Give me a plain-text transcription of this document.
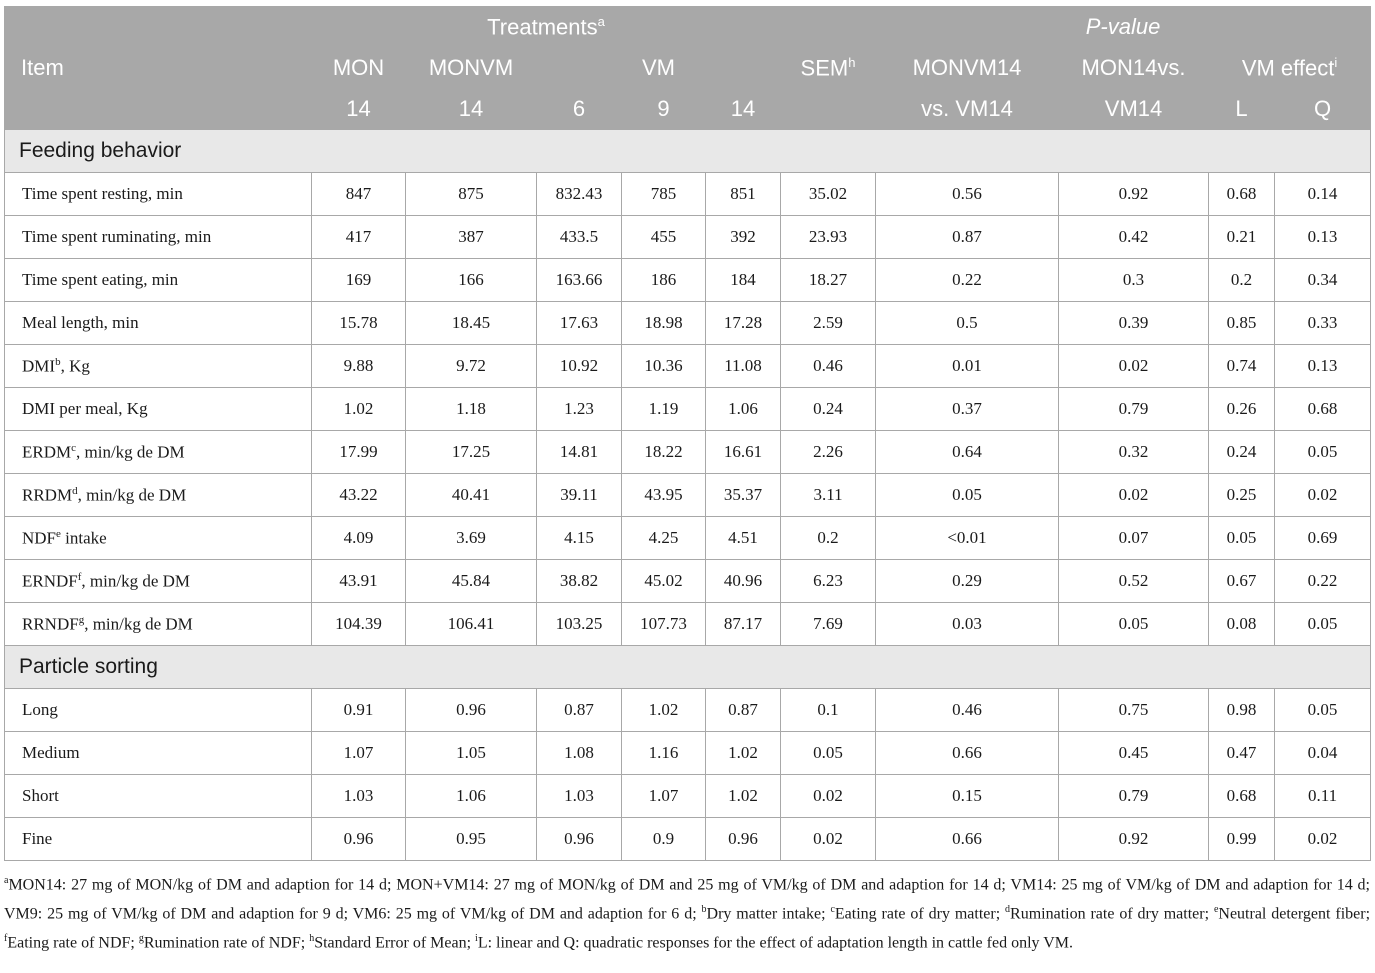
Item	Treatments$^a$					SEM$^h$	P-value			
	MON	MONVM	VM				MONVM14	MON14vs.	VM effect$^i$
	14	14	6	9	14		vs. VM14	VM14	L	Q
Feeding behavior										
Time spent resting, min	847	875	832.43	785	851	35.02	0.56	0.92	0.68	0.14
Time spent ruminating, min	417	387	433.5	455	392	23.93	0.87	0.42	0.21	0.13
Time spent eating, min	169	166	163.66	186	184	18.27	0.22	0.3	0.2	0.34
Meal length, min	15.78	18.45	17.63	18.98	17.28	2.59	0.5	0.39	0.85	0.33
DMI$^b$, Kg	9.88	9.72	10.92	10.36	11.08	0.46	0.01	0.02	0.74	0.13
DMI per meal, Kg	1.02	1.18	1.23	1.19	1.06	0.24	0.37	0.79	0.26	0.68
ERDM$^c$, min/kg de DM	17.99	17.25	14.81	18.22	16.61	2.26	0.64	0.32	0.24	0.05
RRDM$^d$, min/kg de DM	43.22	40.41	39.11	43.95	35.37	3.11	0.05	0.02	0.25	0.02
NDF$^e$ intake	4.09	3.69	4.15	4.25	4.51	0.2	<0.01	0.07	0.05	0.69
ERNDF$^f$, min/kg de DM	43.91	45.84	38.82	45.02	40.96	6.23	0.29	0.52	0.67	0.22
RRNDF$^g$, min/kg de DM	104.39	106.41	103.25	107.73	87.17	7.69	0.03	0.05	0.08	0.05
Particle sorting										
Long	0.91	0.96	0.87	1.02	0.87	0.1	0.46	0.75	0.98	0.05
Medium	1.07	1.05	1.08	1.16	1.02	0.05	0.66	0.45	0.47	0.04
Short	1.03	1.06	1.03	1.07	1.02	0.02	0.15	0.79	0.68	0.11
Fine	0.96	0.95	0.96	0.9	0.96	0.02	0.66	0.92	0.99	0.02
$^a$MON14: 27 mg of MON/kg of DM and adaption for 14 d; MON+VM14: 27 mg of MON/kg of DM and 25 mg of VM/kg of DM and adaption for 14 d; VM14: 25 mg of VM/kg of DM and adaption for 14 d; VM9: 25 mg of VM/kg of DM and adaption for 9 d; VM6: 25 mg of VM/kg of DM and adaption for 6 d; $^b$Dry matter intake; $^c$Eating rate of dry matter; $^d$Rumination rate of dry matter; $^e$Neutral detergent fiber; $^f$Eating rate of NDF; $^g$Rumination rate of NDF; $^h$Standard Error of Mean; $^i$L: linear and Q: quadratic responses for the effect of adaptation length in cattle fed only VM.
